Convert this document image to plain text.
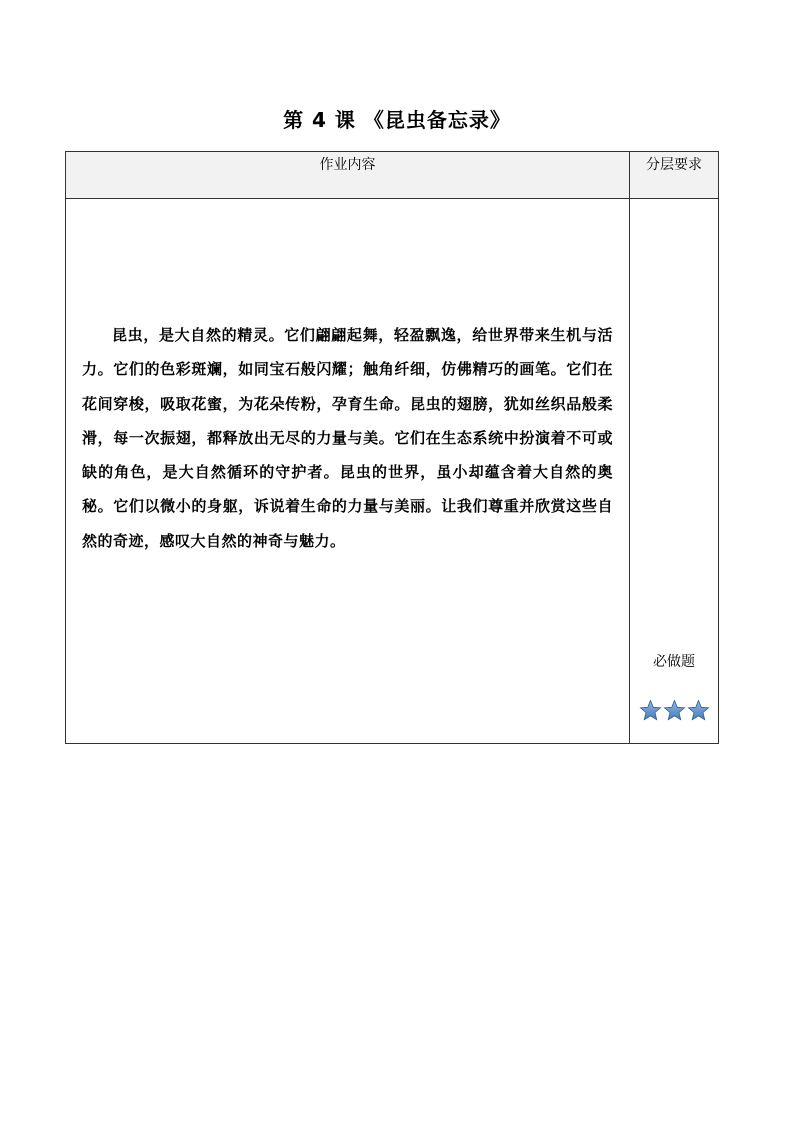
第 4 课 《昆虫备忘录》
作业内容	分层要求

昆虫，是大自然的精灵。它们翩翩起舞，轻盈飘逸，给世界带来生机与活力。它们的色彩斑斓，如同宝石般闪耀；触角纤细，仿佛精巧的画笔。它们在花间穿梭，吸取花蜜，为花朵传粉，孕育生命。昆虫的翅膀，犹如丝织品般柔滑，每一次振翅，都释放出无尽的力量与美。它们在生态系统中扮演着不可或缺的角色，是大自然循环的守护者。昆虫的世界，虽小却蕴含着大自然的奥秘。它们以微小的身躯，诉说着生命的力量与美丽。让我们尊重并欣赏这些自然的奇迹，感叹大自然的神奇与魅力。	必做题
